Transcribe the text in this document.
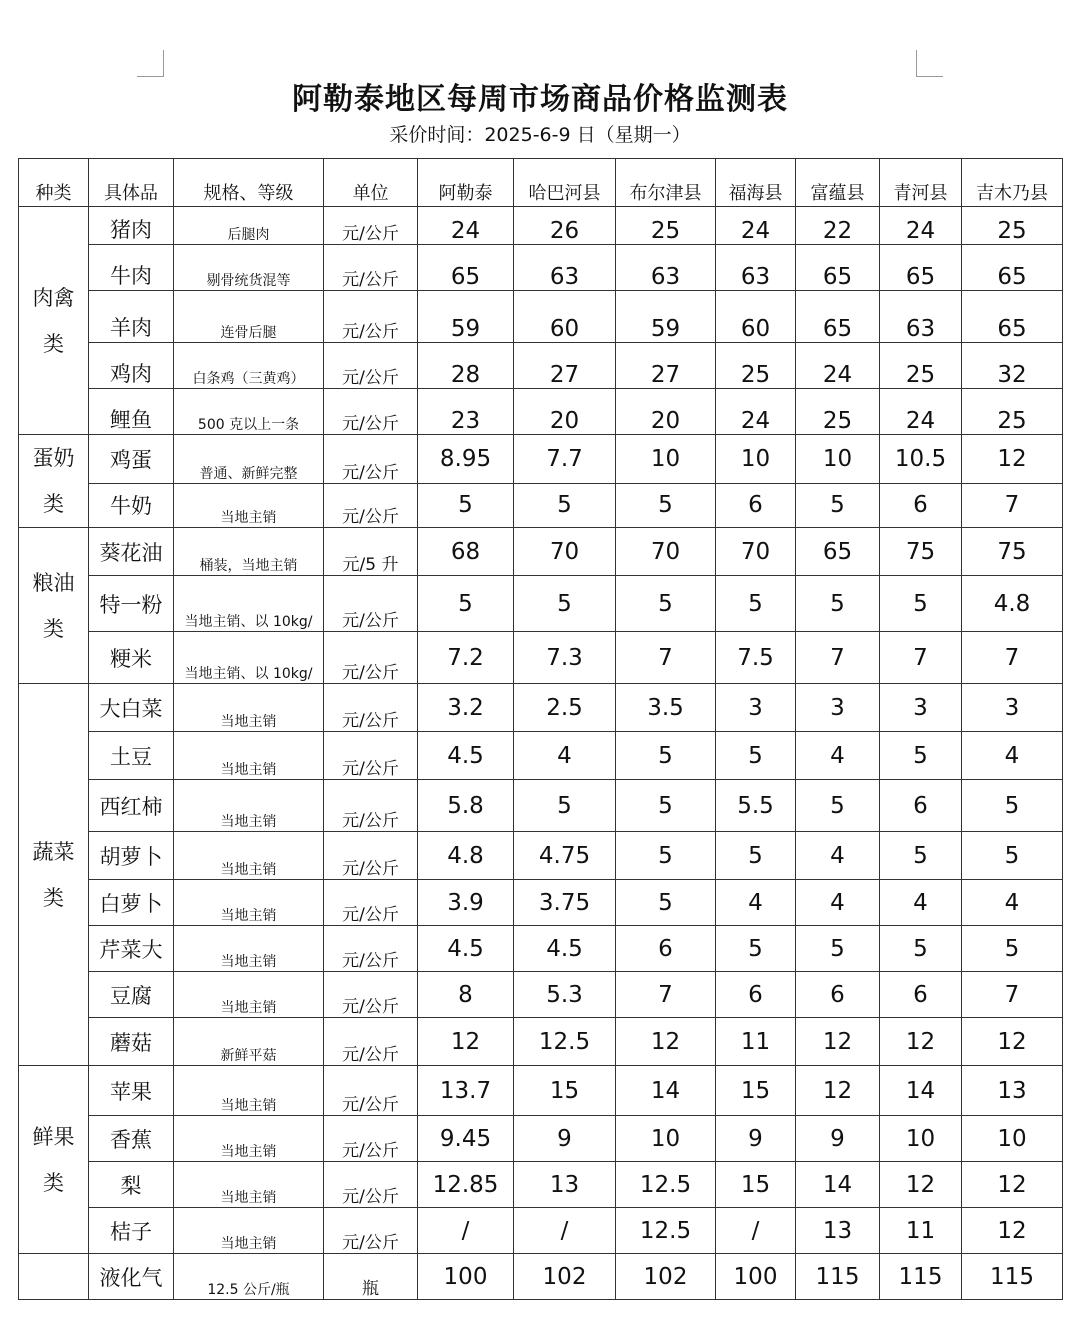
阿勒泰地区每周市场商品价格监测表
采价时间：2025-6-9 日（星期一）
种类	具体品	规格、等级	单位	阿勒泰	哈巴河县	布尔津县	福海县	富蕴县	青河县	吉木乃县

肉禽类	猪肉	后腿肉	元/公斤	24	26	25	24	22	24	25
	牛肉	剔骨统货混等	元/公斤	65	63	63	63	65	65	65
	羊肉	连骨后腿	元/公斤	59	60	59	60	65	63	65
	鸡肉	白条鸡（三黄鸡）	元/公斤	28	27	27	25	24	25	32
	鲤鱼	500 克以上一条	元/公斤	23	20	20	24	25	24	25

蛋奶类	鸡蛋	普通、新鲜完整	元/公斤	8.95	7.7	10	10	10	10.5	12
	牛奶	当地主销	元/公斤	5	5	5	6	5	6	7

粮油类	葵花油	桶装，当地主销	元/5 升	68	70	70	70	65	75	75
	特一粉	当地主销、以 10kg/	元/公斤	5	5	5	5	5	5	4.8
	粳米	当地主销、以 10kg/	元/公斤	7.2	7.3	7	7.5	7	7	7

蔬菜类	大白菜	当地主销	元/公斤	3.2	2.5	3.5	3	3	3	3
	土豆	当地主销	元/公斤	4.5	4	5	5	4	5	4
	西红柿	当地主销	元/公斤	5.8	5	5	5.5	5	6	5
	胡萝卜	当地主销	元/公斤	4.8	4.75	5	5	4	5	5
	白萝卜	当地主销	元/公斤	3.9	3.75	5	4	4	4	4
	芹菜大	当地主销	元/公斤	4.5	4.5	6	5	5	5	5
	豆腐	当地主销	元/公斤	8	5.3	7	6	6	6	7
	蘑菇	新鲜平菇	元/公斤	12	12.5	12	11	12	12	12

鲜果类	苹果	当地主销	元/公斤	13.7	15	14	15	12	14	13
	香蕉	当地主销	元/公斤	9.45	9	10	9	9	10	10
	梨	当地主销	元/公斤	12.85	13	12.5	15	14	12	12
	桔子	当地主销	元/公斤	/	/	12.5	/	13	11	12
	液化气	12.5 公斤/瓶	瓶	100	102	102	100	115	115	115
